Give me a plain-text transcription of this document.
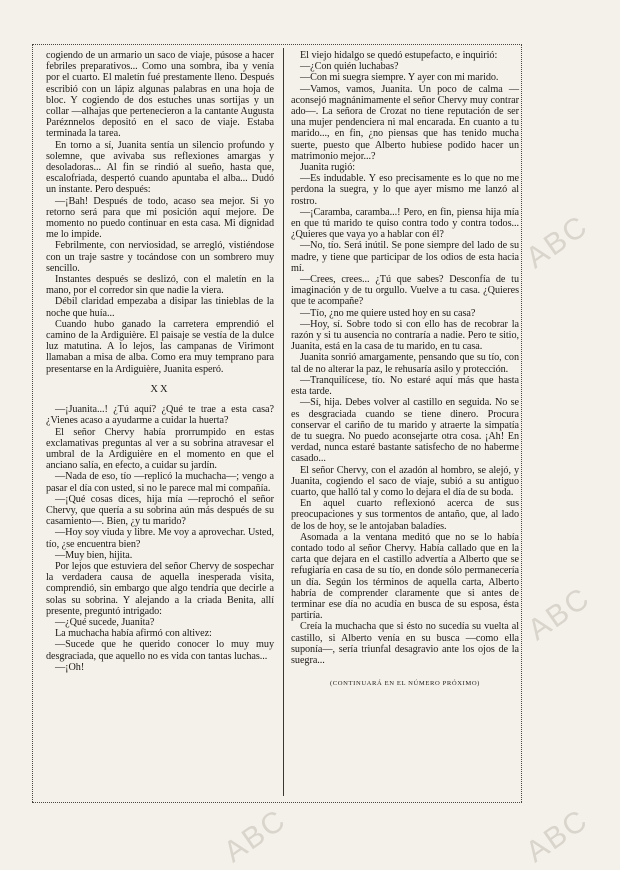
cogiendo de un armario un saco de viaje, púsose a hacer febriles preparativos... Como una sombra, iba y venía por el cuarto. El maletín fué prestamente lleno. Después escribió con un lápiz algunas palabras en una hoja de bloc. Y cogiendo de dos estuches unas sortijas y un collar —alhajas que pertenecieron a la cantante Augusta Paréznnelos depositó en el saco de viaje. Estaba terminada la tarea.

En torno a sí, Juanita sentía un silencio profundo y solemne, que avivaba sus reflexiones amargas y desoladoras... Al fin se rindió al sueño, hasta que, escalofriada, despertó cuando apuntaba el alba... Dudó un instante. Pero después:

—¡Bah! Después de todo, acaso sea mejor. Si yo retorno será para que mi posición aquí mejore. De momento no puedo continuar en esta casa. Mi dignidad me lo impide.

Febrilmente, con nerviosidad, se arregló, vistiéndose con un traje sastre y tocándose con un sombrero muy sencillo.

Instantes después se deslizó, con el maletín en la mano, por el corredor sin que nadie la viera.

Débil claridad empezaba a disipar las tinieblas de la noche que huía...

Cuando hubo ganado la carretera emprendió el camino de la Ardiguière. El paisaje se vestía de la dulce luz matutina. A lo lejos, las campanas de Virimont llamaban a misa de alba. Como era muy temprano para presentarse en la Ardiguière, Juanita esperó.

XX

—¡Juanita...! ¿Tú aquí? ¿Qué te trae a esta casa? ¿Vienes acaso a ayudarme a cuidar la huerta?

El señor Chervy había prorrumpido en estas exclamativas preguntas al ver a su sobrina atravesar el umbral de la Ardiguière en el momento en que el anciano salía, en efecto, a cuidar su jardín.

—Nada de eso, tío —replicó la muchacha—; vengo a pasar el día con usted, si no le parece mal mi compañía.

—¡Qué cosas dices, hija mía —reprochó el señor Chervy, que quería a su sobrina aún más después de su casamiento—. Bien, ¿y tu marido?

—Hoy soy viuda y libre. Me voy a aprovechar. Usted, tío, ¿se encuentra bien?

—Muy bien, hijita.

Por lejos que estuviera del señor Chervy de sospechar la verdadera causa de aquella inesperada visita, comprendió, sin embargo que algo tendría que decirle a solas su sobrina. Y alejando a la criada Benita, allí presente, preguntó intrigado:

—¿Qué sucede, Juanita?

La muchacha había afirmó con altivez:

—Sucede que he querido conocer lo muy muy desgraciada, que aquello no es vida con tantas luchas...

—¡Oh!

El viejo hidalgo se quedó estupefacto, e inquirió:

—¿Con quién luchabas?

—Con mi suegra siempre. Y ayer con mi marido.

—Vamos, vamos, Juanita. Un poco de calma —aconsejó magnánimamente el señor Chervy muy contrar ado—. La señora de Crozat no tiene reputación de ser una mujer pendenciera ni mal encarada. En cuanto a tu marido..., en fin, ¿no piensas que has tenido mucha suerte, puesto que Alberto hubiese podido hacer un matrimonio mejor...?

Juanita rugió:

—Es indudable. Y eso precisamente es lo que no me perdona la suegra, y lo que ayer mismo me lanzó al rostro.

—¡Caramba, caramba...! Pero, en fin, piensa hija mía en que tú marido te quiso contra todo y contra todos... ¿Quieres que vaya yo a hablar con él?

—No, tío. Será inútil. Se pone siempre del lado de su madre, y tiene que participar de los odios de esta hacia mí.

—Crees, crees... ¿Tú que sabes? Desconfía de tu imaginación y de tu orgullo. Vuelve a tu casa. ¿Quieres que te acompañe?

—Tío, ¿no me quiere usted hoy en su casa?

—Hoy, sí. Sobre todo si con ello has de recobrar la razón y si tu ausencia no contraría a nadie. Pero te sitio, Juanita, está en la casa de tu marido, en tu casa.

Juanita sonrió amargamente, pensando que su tío, con tal de no alterar la paz, le rehusaría asilo y protección.

—Tranquilícese, tío. No estaré aquí más que hasta esta tarde.

—Sí, hija. Debes volver al castillo en seguida. No se es desgraciada cuando se tiene dinero. Procura conservar el cariño de tu marido y atraerte la simpatía de tu suegra. No puedo aconsejarte otra cosa. ¡Ah! En verdad, nunca estaré bastante satisfecho de no haberme casado...

El señor Chervy, con el azadón al hombro, se alejó, y Juanita, cogiendo el saco de viaje, subió a su antiguo cuarto, que halló tal y como lo dejara el día de su boda.

En aquel cuarto reflexionó acerca de sus preocupaciones y sus tormentos de antaño, que, al lado de los de hoy, se le antojaban baladíes.

Asomada a la ventana meditó que no se lo había contado todo al señor Chervy. Había callado que en la carta que dejara en el castillo advertía a Alberto que se refugiaría en casa de su tío, en donde sólo permanecería un día. Según los términos de aquella carta, Alberto habría de comprender claramente que si antes de terminar ese día no acudía en busca de su esposa, ésta partiría.

Creía la muchacha que si ésto no sucedía su vuelta al castillo, si Alberto venía en su busca —como ella suponía—, sería triunfal desagravio ante los ojos de la suegra...

(CONTINUARÁ EN EL NÚMERO PRÓXIMO)

ABC
ABC
ABC
ABC
